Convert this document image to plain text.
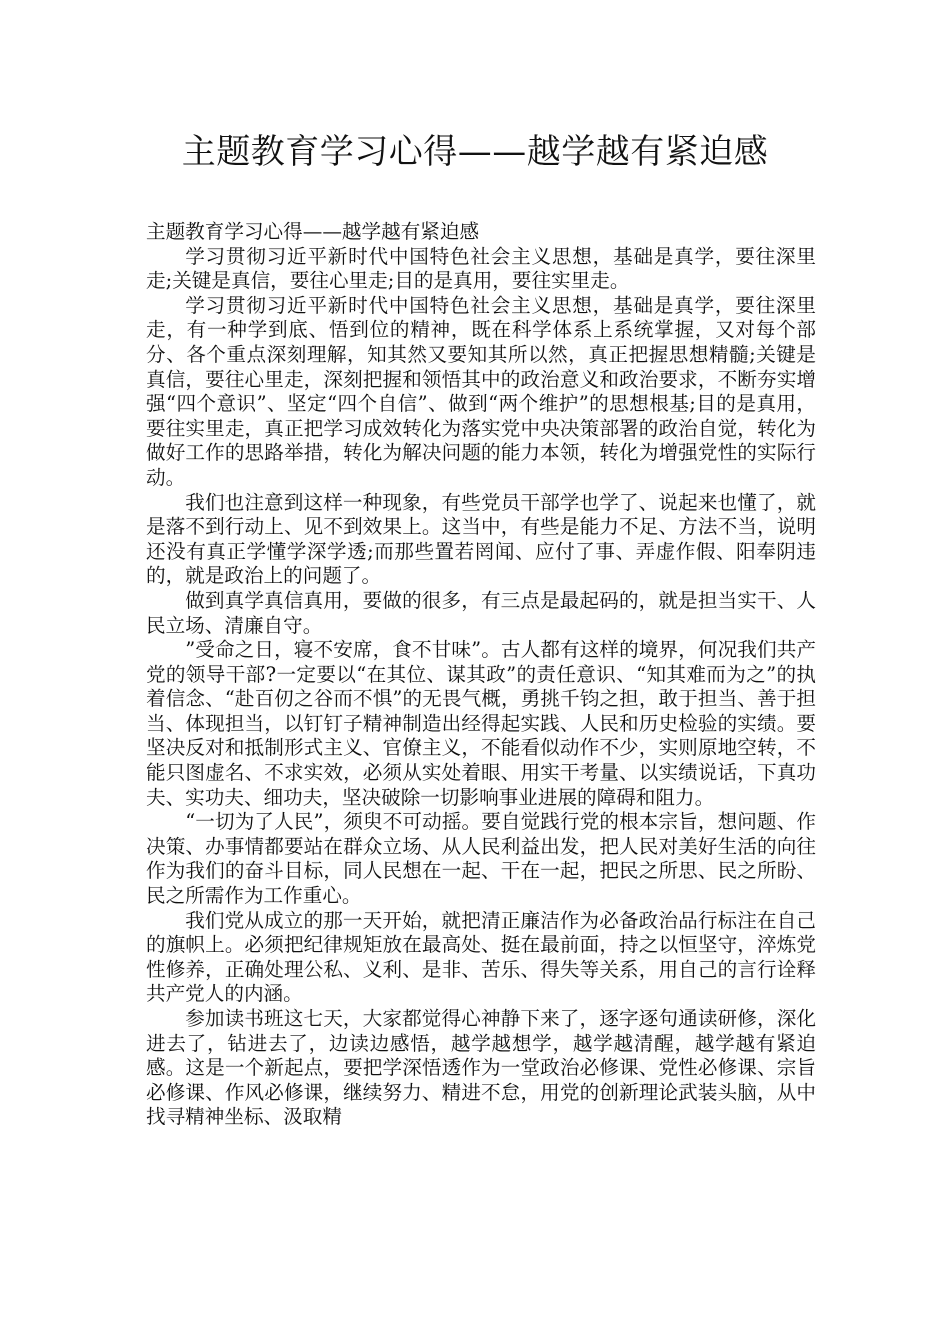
主题教育学习心得——越学越有紧迫感

主题教育学习心得——越学越有紧迫感

学习贯彻习近平新时代中国特色社会主义思想，基础是真学，要往深里走;关键是真信，要往心里走;目的是真用，要往实里走。

学习贯彻习近平新时代中国特色社会主义思想，基础是真学，要往深里走，有一种学到底、悟到位的精神，既在科学体系上系统掌握，又对每个部分、各个重点深刻理解，知其然又要知其所以然，真正把握思想精髓;关键是真信，要往心里走，深刻把握和领悟其中的政治意义和政治要求，不断夯实增强“四个意识”、坚定“四个自信”、做到“两个维护”的思想根基;目的是真用，要往实里走，真正把学习成效转化为落实党中央决策部署的政治自觉，转化为做好工作的思路举措，转化为解决问题的能力本领，转化为增强党性的实际行动。

我们也注意到这样一种现象，有些党员干部学也学了、说起来也懂了，就是落不到行动上、见不到效果上。这当中，有些是能力不足、方法不当，说明还没有真正学懂学深学透;而那些置若罔闻、应付了事、弄虚作假、阳奉阴违的，就是政治上的问题了。

做到真学真信真用，要做的很多，有三点是最起码的，就是担当实干、人民立场、清廉自守。

”受命之日，寝不安席，食不甘味”。古人都有这样的境界，何况我们共产党的领导干部?一定要以“在其位、谋其政”的责任意识、“知其难而为之”的执着信念、“赴百仞之谷而不惧”的无畏气概，勇挑千钧之担，敢于担当、善于担当、体现担当，以钉钉子精神制造出经得起实践、人民和历史检验的实绩。要坚决反对和抵制形式主义、官僚主义，不能看似动作不少，实则原地空转，不能只图虚名、不求实效，必须从实处着眼、用实干考量、以实绩说话，下真功夫、实功夫、细功夫，坚决破除一切影响事业进展的障碍和阻力。

“一切为了人民”，须臾不可动摇。要自觉践行党的根本宗旨，想问题、作决策、办事情都要站在群众立场、从人民利益出发，把人民对美好生活的向往作为我们的奋斗目标，同人民想在一起、干在一起，把民之所思、民之所盼、民之所需作为工作重心。

我们党从成立的那一天开始，就把清正廉洁作为必备政治品行标注在自己的旗帜上。必须把纪律规矩放在最高处、挺在最前面，持之以恒坚守，淬炼党性修养，正确处理公私、义利、是非、苦乐、得失等关系，用自己的言行诠释共产党人的内涵。

参加读书班这七天，大家都觉得心神静下来了，逐字逐句通读研修，深化进去了，钻进去了，边读边感悟，越学越想学，越学越清醒，越学越有紧迫感。这是一个新起点，要把学深悟透作为一堂政治必修课、党性必修课、宗旨必修课、作风必修课，继续努力、精进不怠，用党的创新理论武装头脑，从中找寻精神坐标、汲取精
